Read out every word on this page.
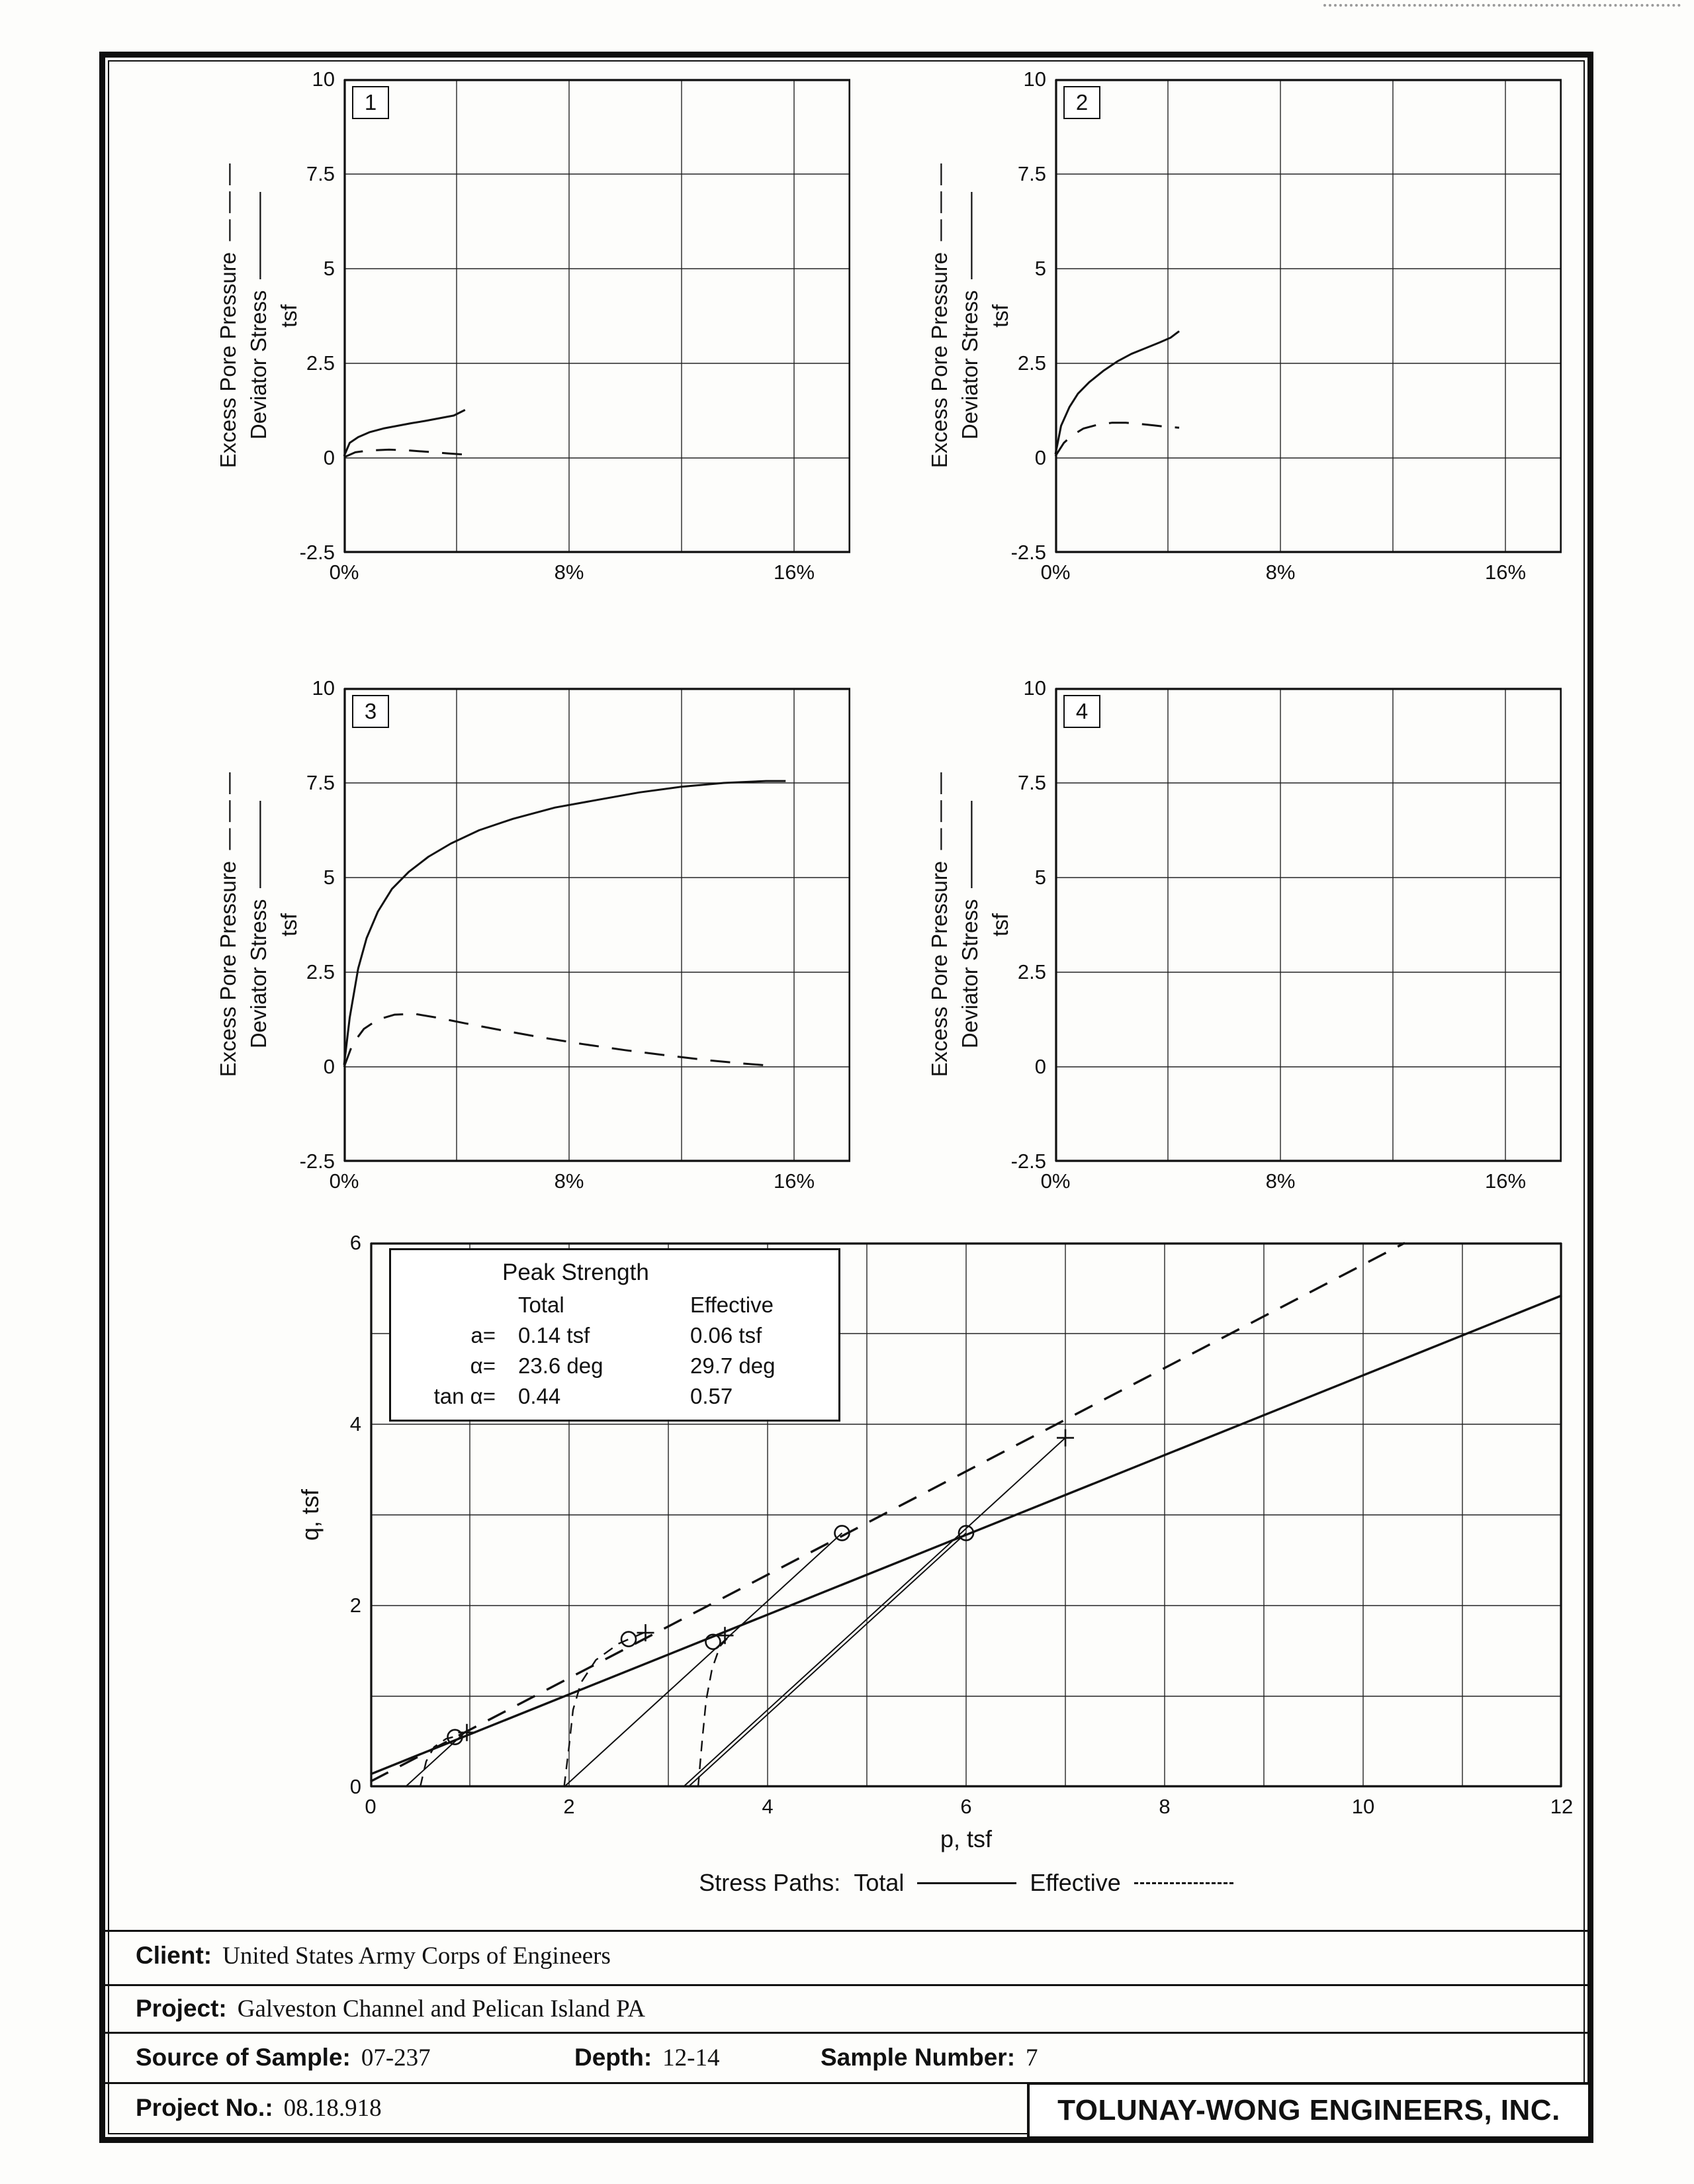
Excess Pore Pressure — — — Deviator Stress ———— tsf
1
0%	8%	16%
10
7.5
5
2.5
0
-2.5
Excess Pore Pressure — — — Deviator Stress ———— tsf
2
0%	8%	16%
10
7.5
5
2.5
0
-2.5
Excess Pore Pressure — — — Deviator Stress ———— tsf
3
0%	8%	16%
10
7.5
5
2.5
0
-2.5
Excess Pore Pressure — — — Deviator Stress ———— tsf
4
0%	8%	16%
10
7.5
5
2.5
0
-2.5
q, tsf
Peak Strength
Total	Effective
a=	0.14 tsf	0.06 tsf
α=	23.6 deg	29.7 deg
tan α=	0.44	0.57
p, tsf
Stress Paths: Total	Effective
0	2	4	6	8	10	12
0
2
4
6
Client: United States Army Corps of Engineers
Project: Galveston Channel and Pelican Island PA
Source of Sample: 07-237	Depth: 12-14	Sample Number: 7
Project No.: 08.18.918	TOLUNAY-WONG ENGINEERS, INC.
